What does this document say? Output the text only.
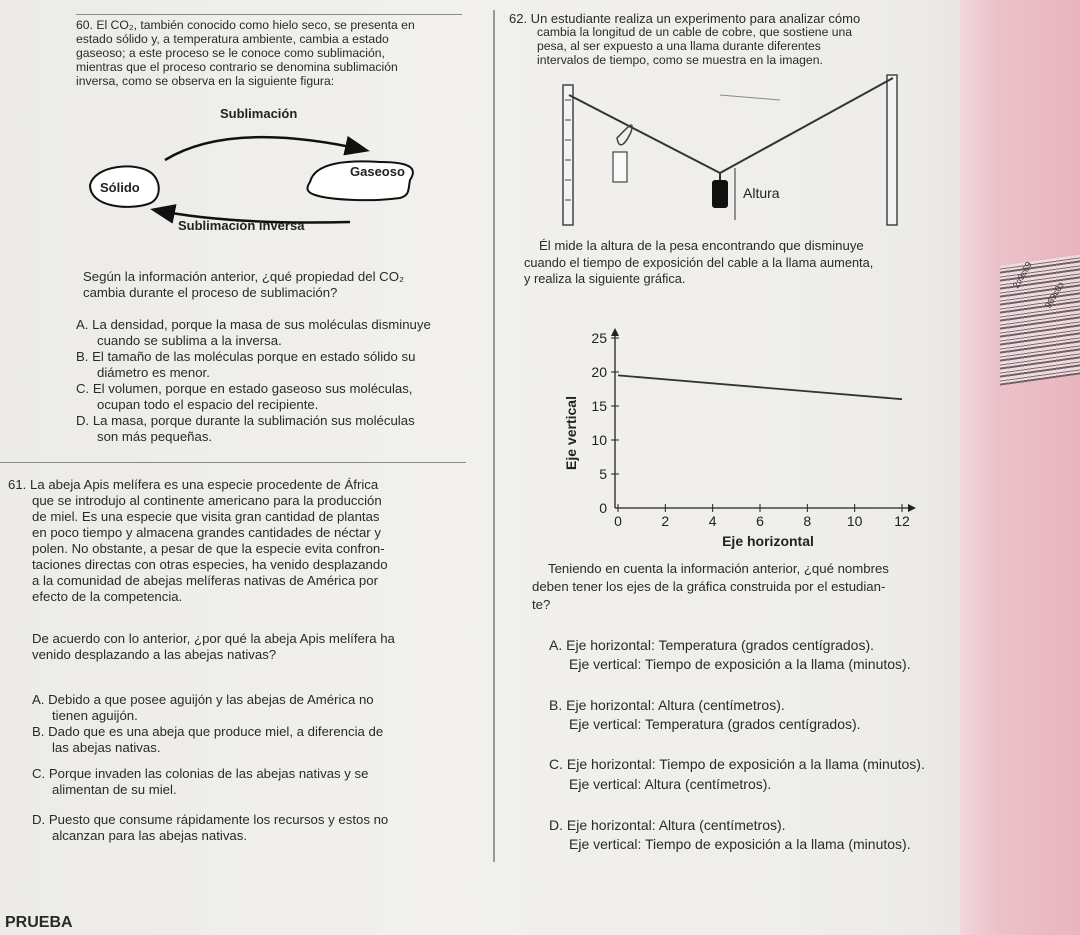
2ɔ9ɛ69
969ɛ0ɔ
60. El CO₂, también conocido como hielo seco, se presenta en
estado sólido y, a temperatura ambiente, cambia a estado
gaseoso; a este proceso se le conoce como sublimación,
mientras que el proceso contrario se denomina sublimación
inversa, como se observa en la siguiente figura:
Sublimación
Sólido
Gaseoso
Sublimación inversa
Según la información anterior, ¿qué propiedad del CO₂
cambia durante el proceso de sublimación?
A. La densidad, porque la masa de sus moléculas disminuye
cuando se sublima a la inversa.
B. El tamaño de las moléculas porque en estado sólido su
diámetro es menor.
C. El volumen, porque en estado gaseoso sus moléculas,
ocupan todo el espacio del recipiente.
D. La masa, porque durante la sublimación sus moléculas
son más pequeñas.
61. La abeja Apis melífera es una especie procedente de África
que se introdujo al continente americano para la producción
de miel. Es una especie que visita gran cantidad de plantas
en poco tiempo y almacena grandes cantidades de néctar y
polen. No obstante, a pesar de que la especie evita confron-
taciones directas con otras especies, ha venido desplazando
a la comunidad de abejas melíferas nativas de América por
efecto de la competencia.
De acuerdo con lo anterior, ¿por qué la abeja Apis melífera ha
venido desplazando a las abejas nativas?
A. Debido a que posee aguijón y las abejas de América no
tienen aguijón.
B. Dado que es una abeja que produce miel, a diferencia de
las abejas nativas.
C. Porque invaden las colonias de las abejas nativas y se
alimentan de su miel.
D. Puesto que consume rápidamente los recursos y estos no
alcanzan para las abejas nativas.
PRUEBA
62. Un estudiante realiza un experimento para analizar cómo
cambia la longitud de un cable de cobre, que sostiene una
pesa, al ser expuesto a una llama durante diferentes
intervalos de tiempo, como se muestra en la imagen.
Altura
Él mide la altura de la pesa encontrando que disminuye
cuando el tiempo de exposición del cable a la llama aumenta,
y realiza la siguiente gráfica.
0
5
10
15
20
25
0	2	4	6	8	10 12
Eje horizontal
Eje vertical
Teniendo en cuenta la información anterior, ¿qué nombres
deben tener los ejes de la gráfica construida por el estudian-
te?
A. Eje horizontal: Temperatura (grados centígrados).
Eje vertical: Tiempo de exposición a la llama (minutos).
B. Eje horizontal: Altura (centímetros).
Eje vertical: Temperatura (grados centígrados).
C. Eje horizontal: Tiempo de exposición a la llama (minutos).
Eje vertical: Altura (centímetros).
D. Eje horizontal: Altura (centímetros).
Eje vertical: Tiempo de exposición a la llama (minutos).
